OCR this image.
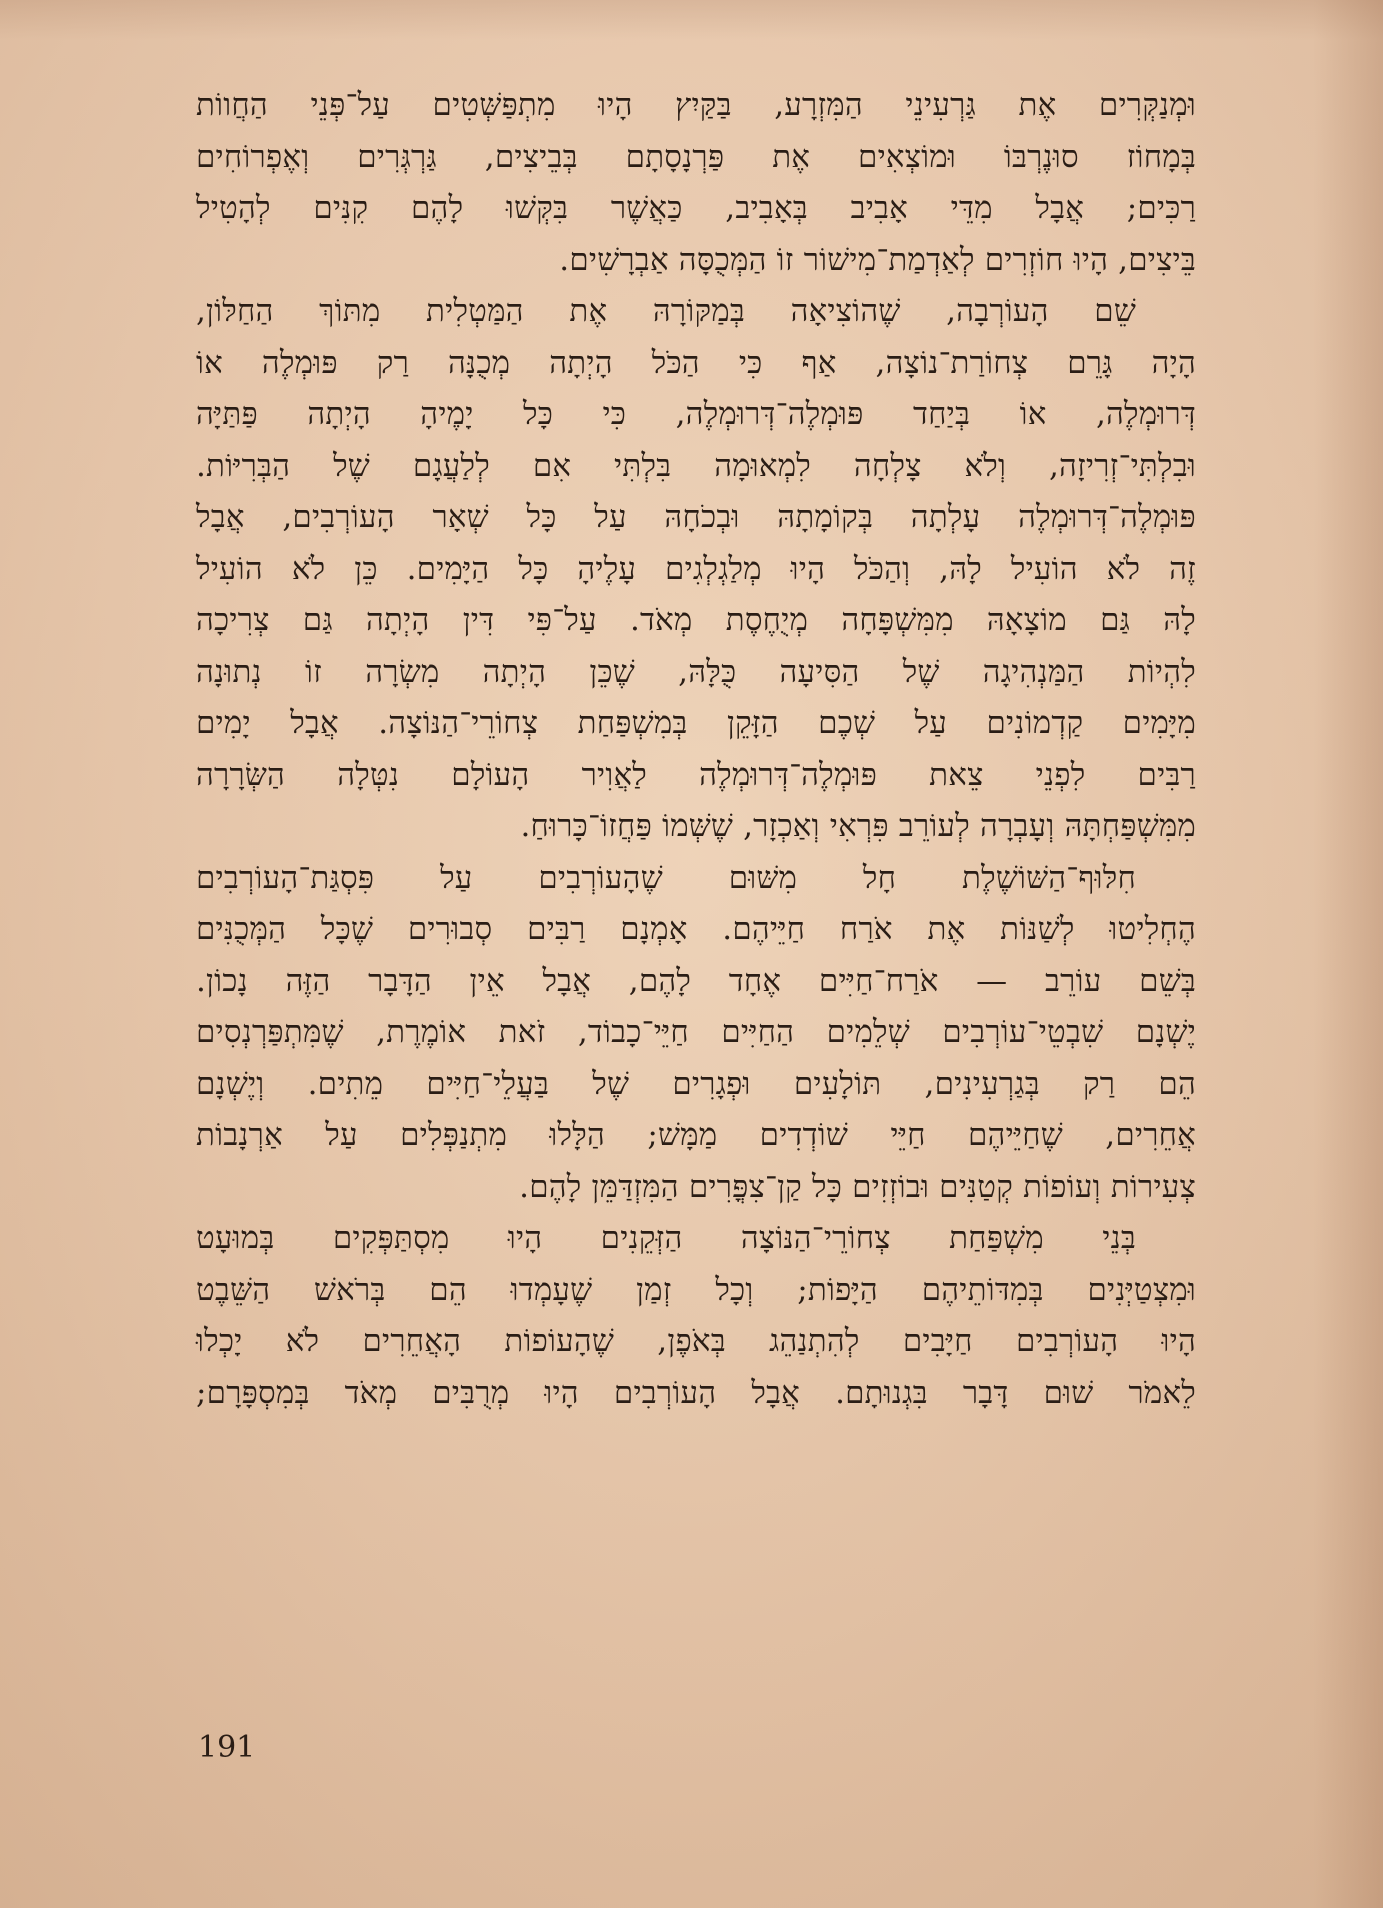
וּמְנַקְּרִים אֶת גַּרְעִינֵי הַמִּזְרָע, בַּקַּיִץ הָיוּ מִתְפַּשְּׁטִים עַל־פְּנֵי הַחֲווֹת
בְּמָחוֹז סוּנֶרְבּוֹ וּמוֹצְאִים אֶת פַּרְנָסָתָם בְּבֵיצִים, גַּרְגְּרִים וְאֶפְרוֹחִים
רַכִּים; אֲבָל מִדֵּי אָבִיב בְּאָבִיב, כַּאֲשֶׁר בִּקְּשׁוּ לָהֶם קִנִּים לְהָטִיל
בֵּיצִים, הָיוּ חוֹזְרִים לְאַדְמַת־מִישׁוֹר זוֹ הַמְּכֻסָּה אַבְרָשִׁים.
שֵׁם הָעוֹרְבָה, שֶׁהוֹצִיאָה בְּמַקּוֹרָהּ אֶת הַמַּטְלִית מִתּוֹךְ הַחַלּוֹן,
הָיָה גָּרֵם צְחוֹרַת־נוֹצָה, אַף כִּי הַכֹּל הָיְתָה מְכֻנָּה רַק פּוּמְלֶה אוֹ
דְּרוּמְלֶה, אוֹ בְּיַחַד פּוּמְלֶה־דְּרוּמְלֶה, כִּי כָּל יָמֶיהָ הָיְתָה פַּתַּיָּה
וּבִלְתִּי־זְרִיזָה, וְלֹא צָלְחָה לִמְאוּמָה בִּלְתִּי אִם לְלַעֲגָם שֶׁל הַבְּרִיּוֹת.
פּוּמְלֶה־דְּרוּמְלֶה עָלְתָה בְּקוֹמָתָהּ וּבְכֹחָהּ עַל כָּל שְׁאָר הָעוֹרְבִים, אֲבָל
זֶה לֹא הוֹעִיל לָהּ, וְהַכֹּל הָיוּ מְלַגְלְגִים עָלֶיהָ כָּל הַיָּמִים. כֵּן לֹא הוֹעִיל
לָהּ גַּם מוֹצָאָהּ מִמִּשְׁפָּחָה מְיֻחֶסֶת מְאֹד. עַל־פִּי דִּין הָיְתָה גַּם צְרִיכָה
לִהְיוֹת הַמַּנְהִיגָה שֶׁל הַסִּיעָה כֻּלָּהּ, שֶׁכֵּן הָיְתָה מִשְׂרָה זוֹ נְתוּנָה
מִיָּמִים קַדְמוֹנִים עַל שְׁכֶם הַזָּקֵן בְּמִשְׁפַּחַת צְחוֹרֵי־הַנּוֹצָה. אֲבָל יָמִים
רַבִּים לִפְנֵי צֵאת פּוּמְלֶה־דְּרוּמְלֶה לַאֲוִיר הָעוֹלָם נִטְּלָה הַשְּׂרָרָה
מִמִּשְׁפַּחְתָּהּ וְעָבְרָה לְעוֹרֵב פִּרְאִי וְאַכְזָר, שֶׁשְּׁמוֹ פַּחֲזוֹ־כָּרוּחַ.
חִלּוּף־הַשּׁוֹשֶׁלֶת חָל מִשּׁוּם שֶׁהָעוֹרְבִים עַל פִּסְגַּת־הָעוֹרְבִים
הֶחְלִיטוּ לְשַׁנּוֹת אֶת אֹרַח חַיֵּיהֶם. אָמְנָם רַבִּים סְבוּרִים שֶׁכָּל הַמְּכֻנִּים
בְּשֵׁם עוֹרֵב — אֹרַח־חַיִּים אֶחָד לָהֶם, אֲבָל אֵין הַדָּבָר הַזֶּה נָכוֹן.
יֶשְׁנָם שִׁבְטֵי־עוֹרְבִים שְׁלֵמִים הַחַיִּים חַיֵּי־כָבוֹד, זֹאת אוֹמֶרֶת, שֶׁמִּתְפַּרְנְסִים
הֵם רַק בְּגַרְעִינִים, תּוֹלָעִים וּפְגָרִים שֶׁל בַּעֲלֵי־חַיִּים מֵתִים. וְיֶשְׁנָם
אֲחֵרִים, שֶׁחַיֵּיהֶם חַיֵּי שׁוֹדְדִים מַמָּשׁ; הַלָּלוּ מִתְנַפְּלִים עַל אַרְנָבוֹת
צְעִירוֹת וְעוֹפוֹת קְטַנִּים וּבוֹזְזִים כָּל קַן־צִפֳּרִים הַמִּזְדַּמֵּן לָהֶם.
בְּנֵי מִשְׁפַּחַת צְחוֹרֵי־הַנּוֹצָה הַזְּקֵנִים הָיוּ מִסְתַּפְּקִים בְּמוּעָט
וּמִצְטַיְּנִים בְּמִדּוֹתֵיהֶם הַיָּפוֹת; וְכָל זְמַן שֶׁעָמְדוּ הֵם בְּרֹאשׁ הַשֵּׁבֶט
הָיוּ הָעוֹרְבִים חַיָּבִים לְהִתְנַהֵג בְּאֹפֶן, שֶׁהָעוֹפוֹת הָאֲחֵרִים לֹא יָכְלוּ
לֵאמֹר שׁוּם דָּבָר בִּגְנוּתָם. אֲבָל הָעוֹרְבִים הָיוּ מְרֻבִּים מְאֹד בְּמִסְפָּרָם;
191
